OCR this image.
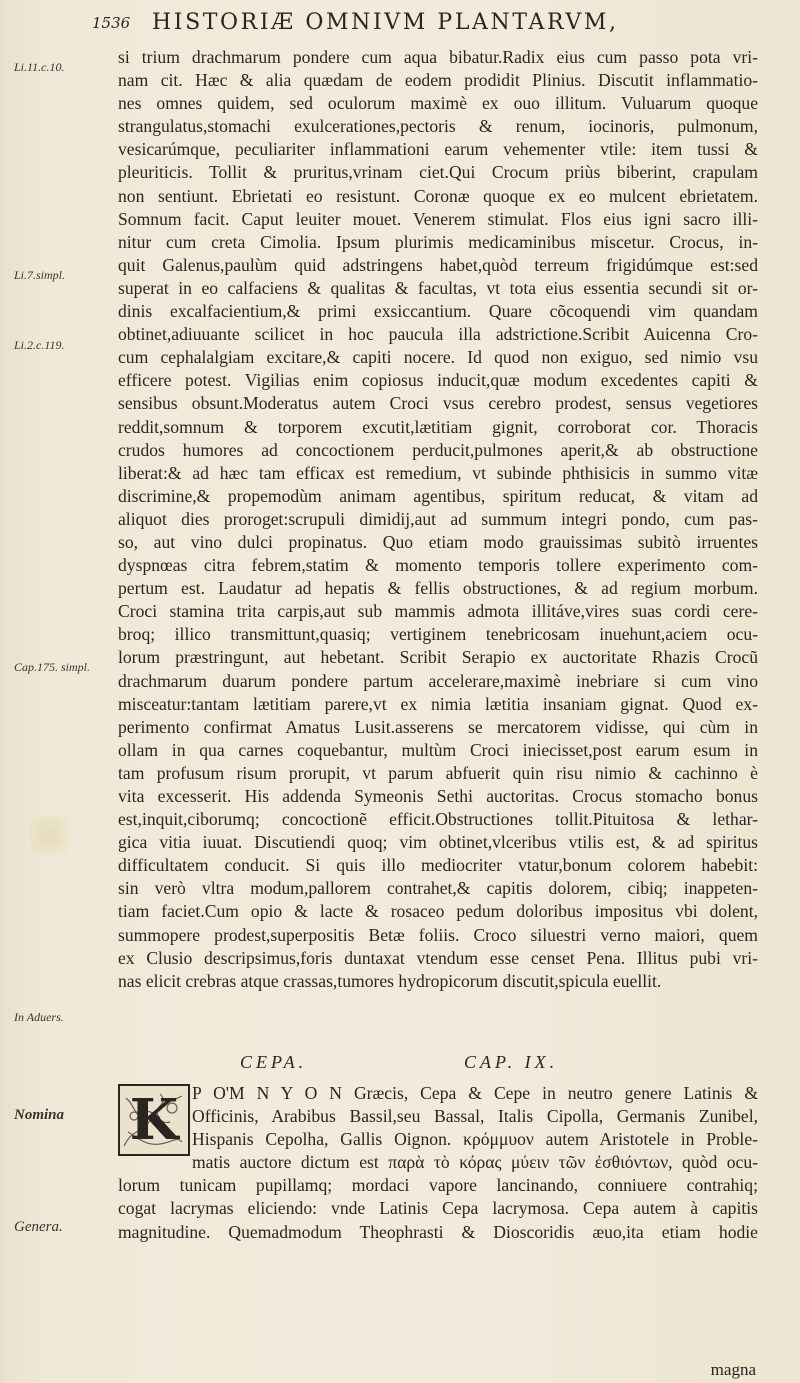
1536 HISTORIÆ OMNIVM PLANTARVM,
Li.11.c.10.
Li.7.simpl.
Li.2.c.119.
Cap.175. simpl.
In Aduers.
Nomina
Genera.
si trium drachmarum pondere cum aqua bibatur.Radix eius cum passo pota vri-
nam cit. Hæc & alia quædam de eodem prodidit Plinius. Discutit inflammatio-
nes omnes quidem, sed oculorum maximè ex ouo illitum. Vuluarum quoque
strangulatus,stomachi exulcerationes,pectoris & renum, iocinoris, pulmonum,
vesicarúmque, peculiariter inflammationi earum vehementer vtile: item tussi &
pleuriticis. Tollit & pruritus,vrinam ciet.Qui Crocum priùs biberint, crapulam
non sentiunt. Ebrietati eo resistunt. Coronæ quoque ex eo mulcent ebrietatem.
Somnum facit. Caput leuiter mouet. Venerem stimulat. Flos eius igni sacro illi-
nitur cum creta Cimolia. Ipsum plurimis medicaminibus miscetur. Crocus, in-
quit Galenus,paulùm quid adstringens habet,quòd terreum frigidúmque est:sed
superat in eo calfaciens & qualitas & facultas, vt tota eius essentia secundi sit or-
dinis excalfacientium,& primi exsiccantium. Quare cõcoquendi vim quandam
obtinet,adiuuante scilicet in hoc paucula illa adstrictione.Scribit Auicenna Cro-
cum cephalalgiam excitare,& capiti nocere. Id quod non exiguo, sed nimio vsu
efficere potest. Vigilias enim copiosus inducit,quæ modum excedentes capiti &
sensibus obsunt.Moderatus autem Croci vsus cerebro prodest, sensus vegetiores
reddit,somnum & torporem excutit,lætitiam gignit, corroborat cor. Thoracis
crudos humores ad concoctionem perducit,pulmones aperit,& ab obstructione
liberat:& ad hæc tam efficax est remedium, vt subinde phthisicis in summo vitæ
discrimine,& propemodùm animam agentibus, spiritum reducat, & vitam ad
aliquot dies proroget:scrupuli dimidij,aut ad summum integri pondo, cum pas-
so, aut vino dulci propinatus. Quo etiam modo grauissimas subitò irruentes
dyspnœas citra febrem,statim & momento temporis tollere experimento com-
pertum est. Laudatur ad hepatis & fellis obstructiones, & ad regium morbum.
Croci stamina trita carpis,aut sub mammis admota illitáve,vires suas cordi cere-
broq; illico transmittunt,quasiq; vertiginem tenebricosam inuehunt,aciem ocu-
lorum præstringunt, aut hebetant. Scribit Serapio ex auctoritate Rhazis Crocũ
drachmarum duarum pondere partum accelerare,maximè inebriare si cum vino
misceatur:tantam lætitiam parere,vt ex nimia lætitia insaniam gignat. Quod ex-
perimento confirmat Amatus Lusit.asserens se mercatorem vidisse, qui cùm in
ollam in qua carnes coquebantur, multùm Croci iniecisset,post earum esum in
tam profusum risum prorupit, vt parum abfuerit quin risu nimio & cachinno è
vita excesserit. His addenda Symeonis Sethi auctoritas. Crocus stomacho bonus
est,inquit,ciborumq; concoctionẽ efficit.Obstructiones tollit.Pituitosa & lethar-
gica vitia iuuat. Discutiendi quoq; vim obtinet,vlceribus vtilis est, & ad spiritus
difficultatem conducit. Si quis illo mediocriter vtatur,bonum colorem habebit:
sin verò vltra modum,pallorem contrahet,& capitis dolorem, cibiq; inappeten-
tiam faciet.Cum opio & lacte & rosaceo pedum doloribus impositus vbi dolent,
summopere prodest,superpositis Betæ foliis. Croco siluestri verno maiori, quem
ex Clusio descripsimus,foris duntaxat vtendum esse censet Pena. Illitus pubi vri-
nas elicit crebras atque crassas,tumores hydropicorum discutit,spicula euellit.
CEPA.	CAP. IX.
K P O'M N Y O N Græcis, Cepa & Cepe in neutro genere Latinis &
Officinis, Arabibus Bassil,seu Bassal, Italis Cipolla, Germanis Zunibel,
Hispanis Cepolha, Gallis Oignon. κρόμμυον autem Aristotele in Proble-
matis auctore dictum est παρὰ τὸ κόρας μύειν τῶν ἐσθιόντων, quòd ocu-
lorum tunicam pupillamq; mordaci vapore lancinando, conniuere contrahiq;
cogat lacrymas eliciendo: vnde Latinis Cepa lacrymosa. Cepa autem à capitis
magnitudine. Quemadmodum Theophrasti & Dioscoridis æuo,ita etiam hodie
magna
